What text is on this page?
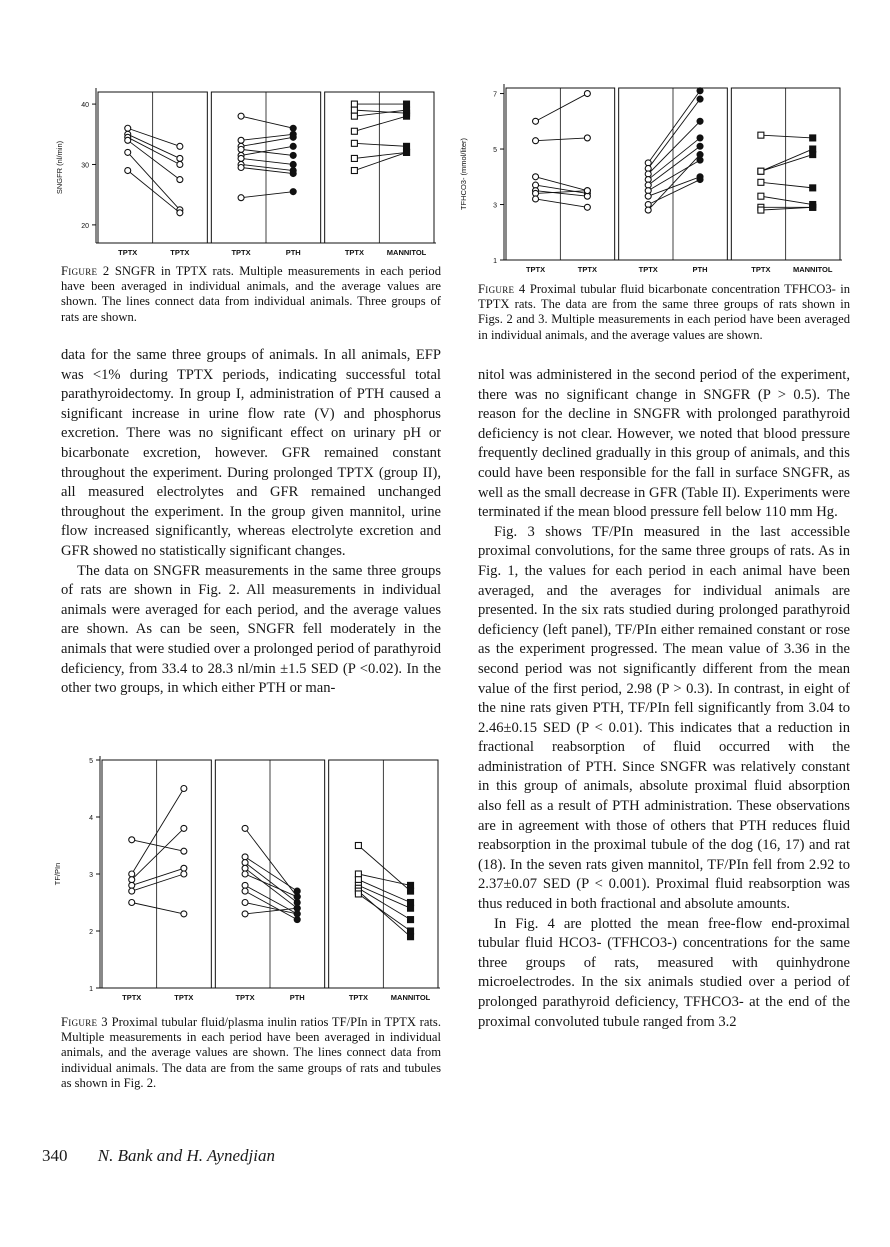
20
30
40
SNGFR (nl/min)
TPTX	TPTX	TPTX	PTH	TPTX	MANNITOL
Figure 2 SNGFR in TPTX rats. Multiple measurements in each period have been averaged in individual animals, and the average values are shown. The lines connect data from individual animals. Three groups of rats are shown.
1
3
5
7
TFHCO3- (mmol/liter)
TPTX	TPTX	TPTX	PTH	TPTX	MANNITOL
Figure 4 Proximal tubular fluid bicarbonate concentration TFHCO3- in TPTX rats. The data are from the same three groups of rats shown in Figs. 2 and 3. Multiple measurements in each period have been averaged in individual animals, and the average values are shown.

data for the same three groups of animals. In all animals, EFP was <1% during TPTX periods, indicating successful total parathyroidectomy. In group I, administration of PTH caused a significant increase in urine flow rate (V) and phosphorus excretion. There was no significant effect on urinary pH or bicarbonate excretion, however. GFR remained constant throughout the experiment. During prolonged TPTX (group II), all measured electrolytes and GFR remained unchanged throughout the experiment. In the group given mannitol, urine flow increased significantly, whereas electrolyte excretion and GFR showed no statistically significant changes.

The data on SNGFR measurements in the same three groups of rats are shown in Fig. 2. All measurements in individual animals were averaged for each period, and the average values are shown. As can be seen, SNGFR fell moderately in the animals that were studied over a prolonged period of parathyroid deficiency, from 33.4 to 28.3 nl/min ±1.5 SED (P <0.02). In the other two groups, in which either PTH or man-

1
2
3
4
5
TF/PIn
TPTX	TPTX	TPTX	PTH	TPTX	MANNITOL
Figure 3 Proximal tubular fluid/plasma inulin ratios TF/PIn in TPTX rats. Multiple measurements in each period have been averaged in individual animals, and the average values are shown. The lines connect data from individual animals. The data are from the same groups of rats and tubules as shown in Fig. 2.

nitol was administered in the second period of the experiment, there was no significant change in SNGFR (P > 0.5). The reason for the decline in SNGFR with prolonged parathyroid deficiency is not clear. However, we noted that blood pressure frequently declined gradually in this group of animals, and this could have been responsible for the fall in surface SNGFR, as well as the small decrease in GFR (Table II). Experiments were terminated if the mean blood pressure fell below 110 mm Hg.

Fig. 3 shows TF/PIn measured in the last accessible proximal convolutions, for the same three groups of rats. As in Fig. 1, the values for each period in each animal have been averaged, and the averages for individual animals are presented. In the six rats studied during prolonged parathyroid deficiency (left panel), TF/PIn either remained constant or rose as the experiment progressed. The mean value of 3.36 in the second period was not significantly different from the mean value of the first period, 2.98 (P > 0.3). In contrast, in eight of the nine rats given PTH, TF/PIn fell significantly from 3.04 to 2.46±0.15 SED (P < 0.01). This indicates that a reduction in fractional reabsorption of fluid occurred with the administration of PTH. Since SNGFR was relatively constant in this group of animals, absolute proximal fluid absorption also fell as a result of PTH administration. These observations are in agreement with those of others that PTH reduces fluid reabsorption in the proximal tubule of the dog (16, 17) and rat (18). In the seven rats given mannitol, TF/PIn fell from 2.92 to 2.37±0.07 SED (P < 0.001). Proximal fluid reabsorption was thus reduced in both fractional and absolute amounts.

In Fig. 4 are plotted the mean free-flow end-proximal tubular fluid HCO3- (TFHCO3-) concentrations for the same three groups of rats, measured with quinhydrone microelectrodes. In the six animals studied over a period of prolonged parathyroid deficiency, TFHCO3- at the end of the proximal convoluted tubule ranged from 3.2

340 N. Bank and H. Aynedjian
